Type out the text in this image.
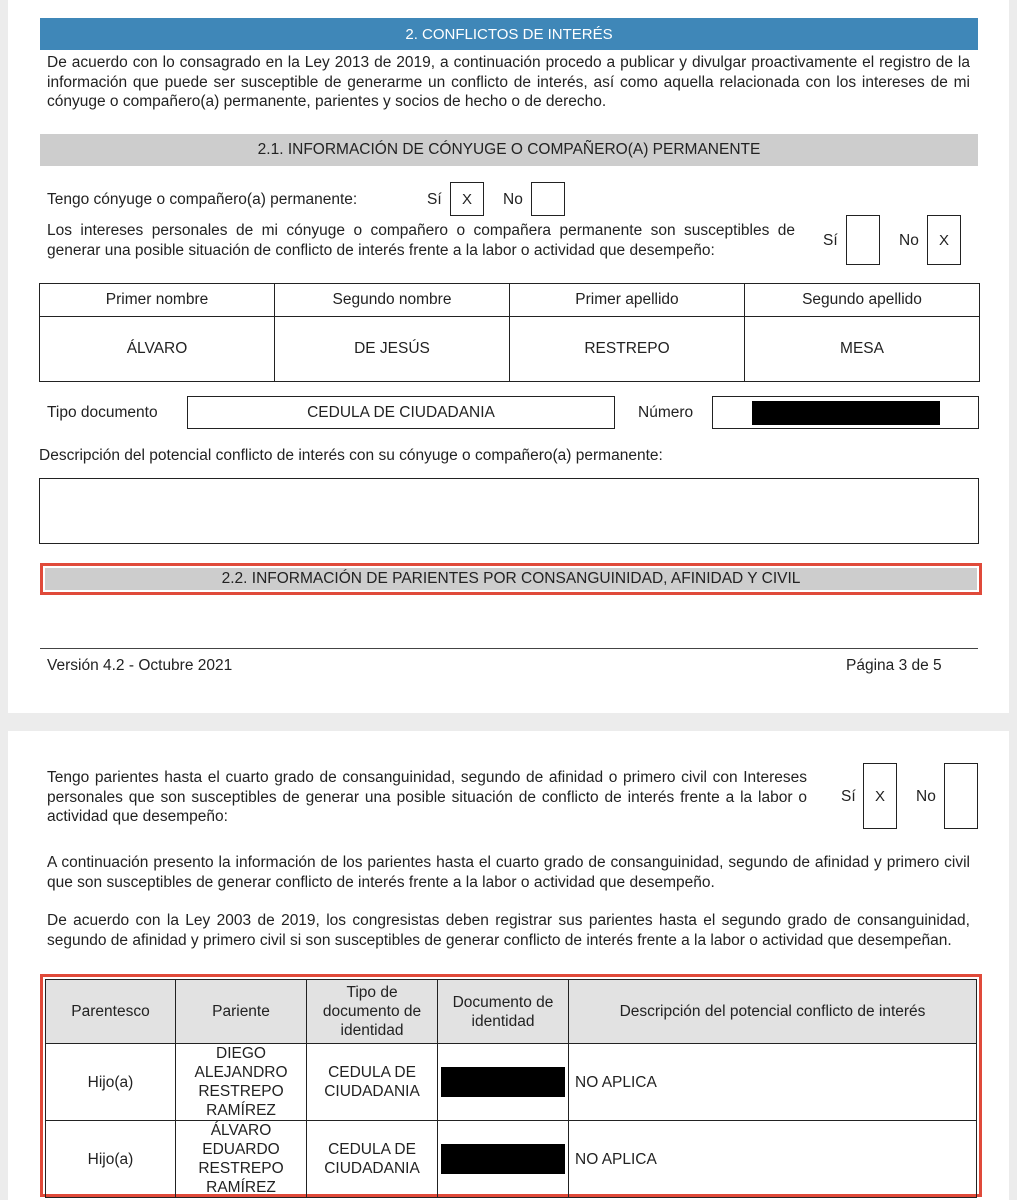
2. CONFLICTOS DE INTERÉS
De acuerdo con lo consagrado en la Ley 2013 de 2019, a continuación procedo a publicar y divulgar proactivamente el registro de la información que puede ser susceptible de generarme un conflicto de interés, así como aquella relacionada con los intereses de mi cónyuge o compañero(a) permanente, parientes y socios de hecho o de derecho.
2.1. INFORMACIÓN DE CÓNYUGE O COMPAÑERO(A) PERMANENTE
Tengo cónyuge o compañero(a) permanente:	Sí	X	No
Los intereses personales de mi cónyuge o compañero o compañera permanente son susceptibles de generar una posible situación de conflicto de interés frente a la labor o actividad que desempeño:
Sí	No	X
Primer nombre	Segundo nombre	Primer apellido	Segundo apellido
ÁLVARO	DE JESÚS	RESTREPO	MESA
Tipo documento	CEDULA DE CIUDADANIA	Número
Descripción del potencial conflicto de interés con su cónyuge o compañero(a) permanente:
2.2. INFORMACIÓN DE PARIENTES POR CONSANGUINIDAD, AFINIDAD Y CIVIL
Versión 4.2 - Octubre 2021	Página 3 de 5
Tengo parientes hasta el cuarto grado de consanguinidad, segundo de afinidad o primero civil con Intereses personales que son susceptibles de generar una posible situación de conflicto de interés frente a la labor o actividad que desempeño:
Sí	X	No
A continuación presento la información de los parientes hasta el cuarto grado de consanguinidad, segundo de afinidad y primero civil que son susceptibles de generar conflicto de interés frente a la labor o actividad que desempeño.
De acuerdo con la Ley 2003 de 2019, los congresistas deben registrar sus parientes hasta el segundo grado de consanguinidad, segundo de afinidad y primero civil si son susceptibles de generar conflicto de interés frente a la labor o actividad que desempeñan.
Parentesco	Pariente	Tipo de documento de identidad	Documento de identidad	Descripción del potencial conflicto de interés
Hijo(a)	DIEGO ALEJANDRO RESTREPO RAMÍREZ	CEDULA DE CIUDADANIA		NO APLICA
Hijo(a)	ÁLVARO EDUARDO RESTREPO RAMÍREZ	CEDULA DE CIUDADANIA		NO APLICA
